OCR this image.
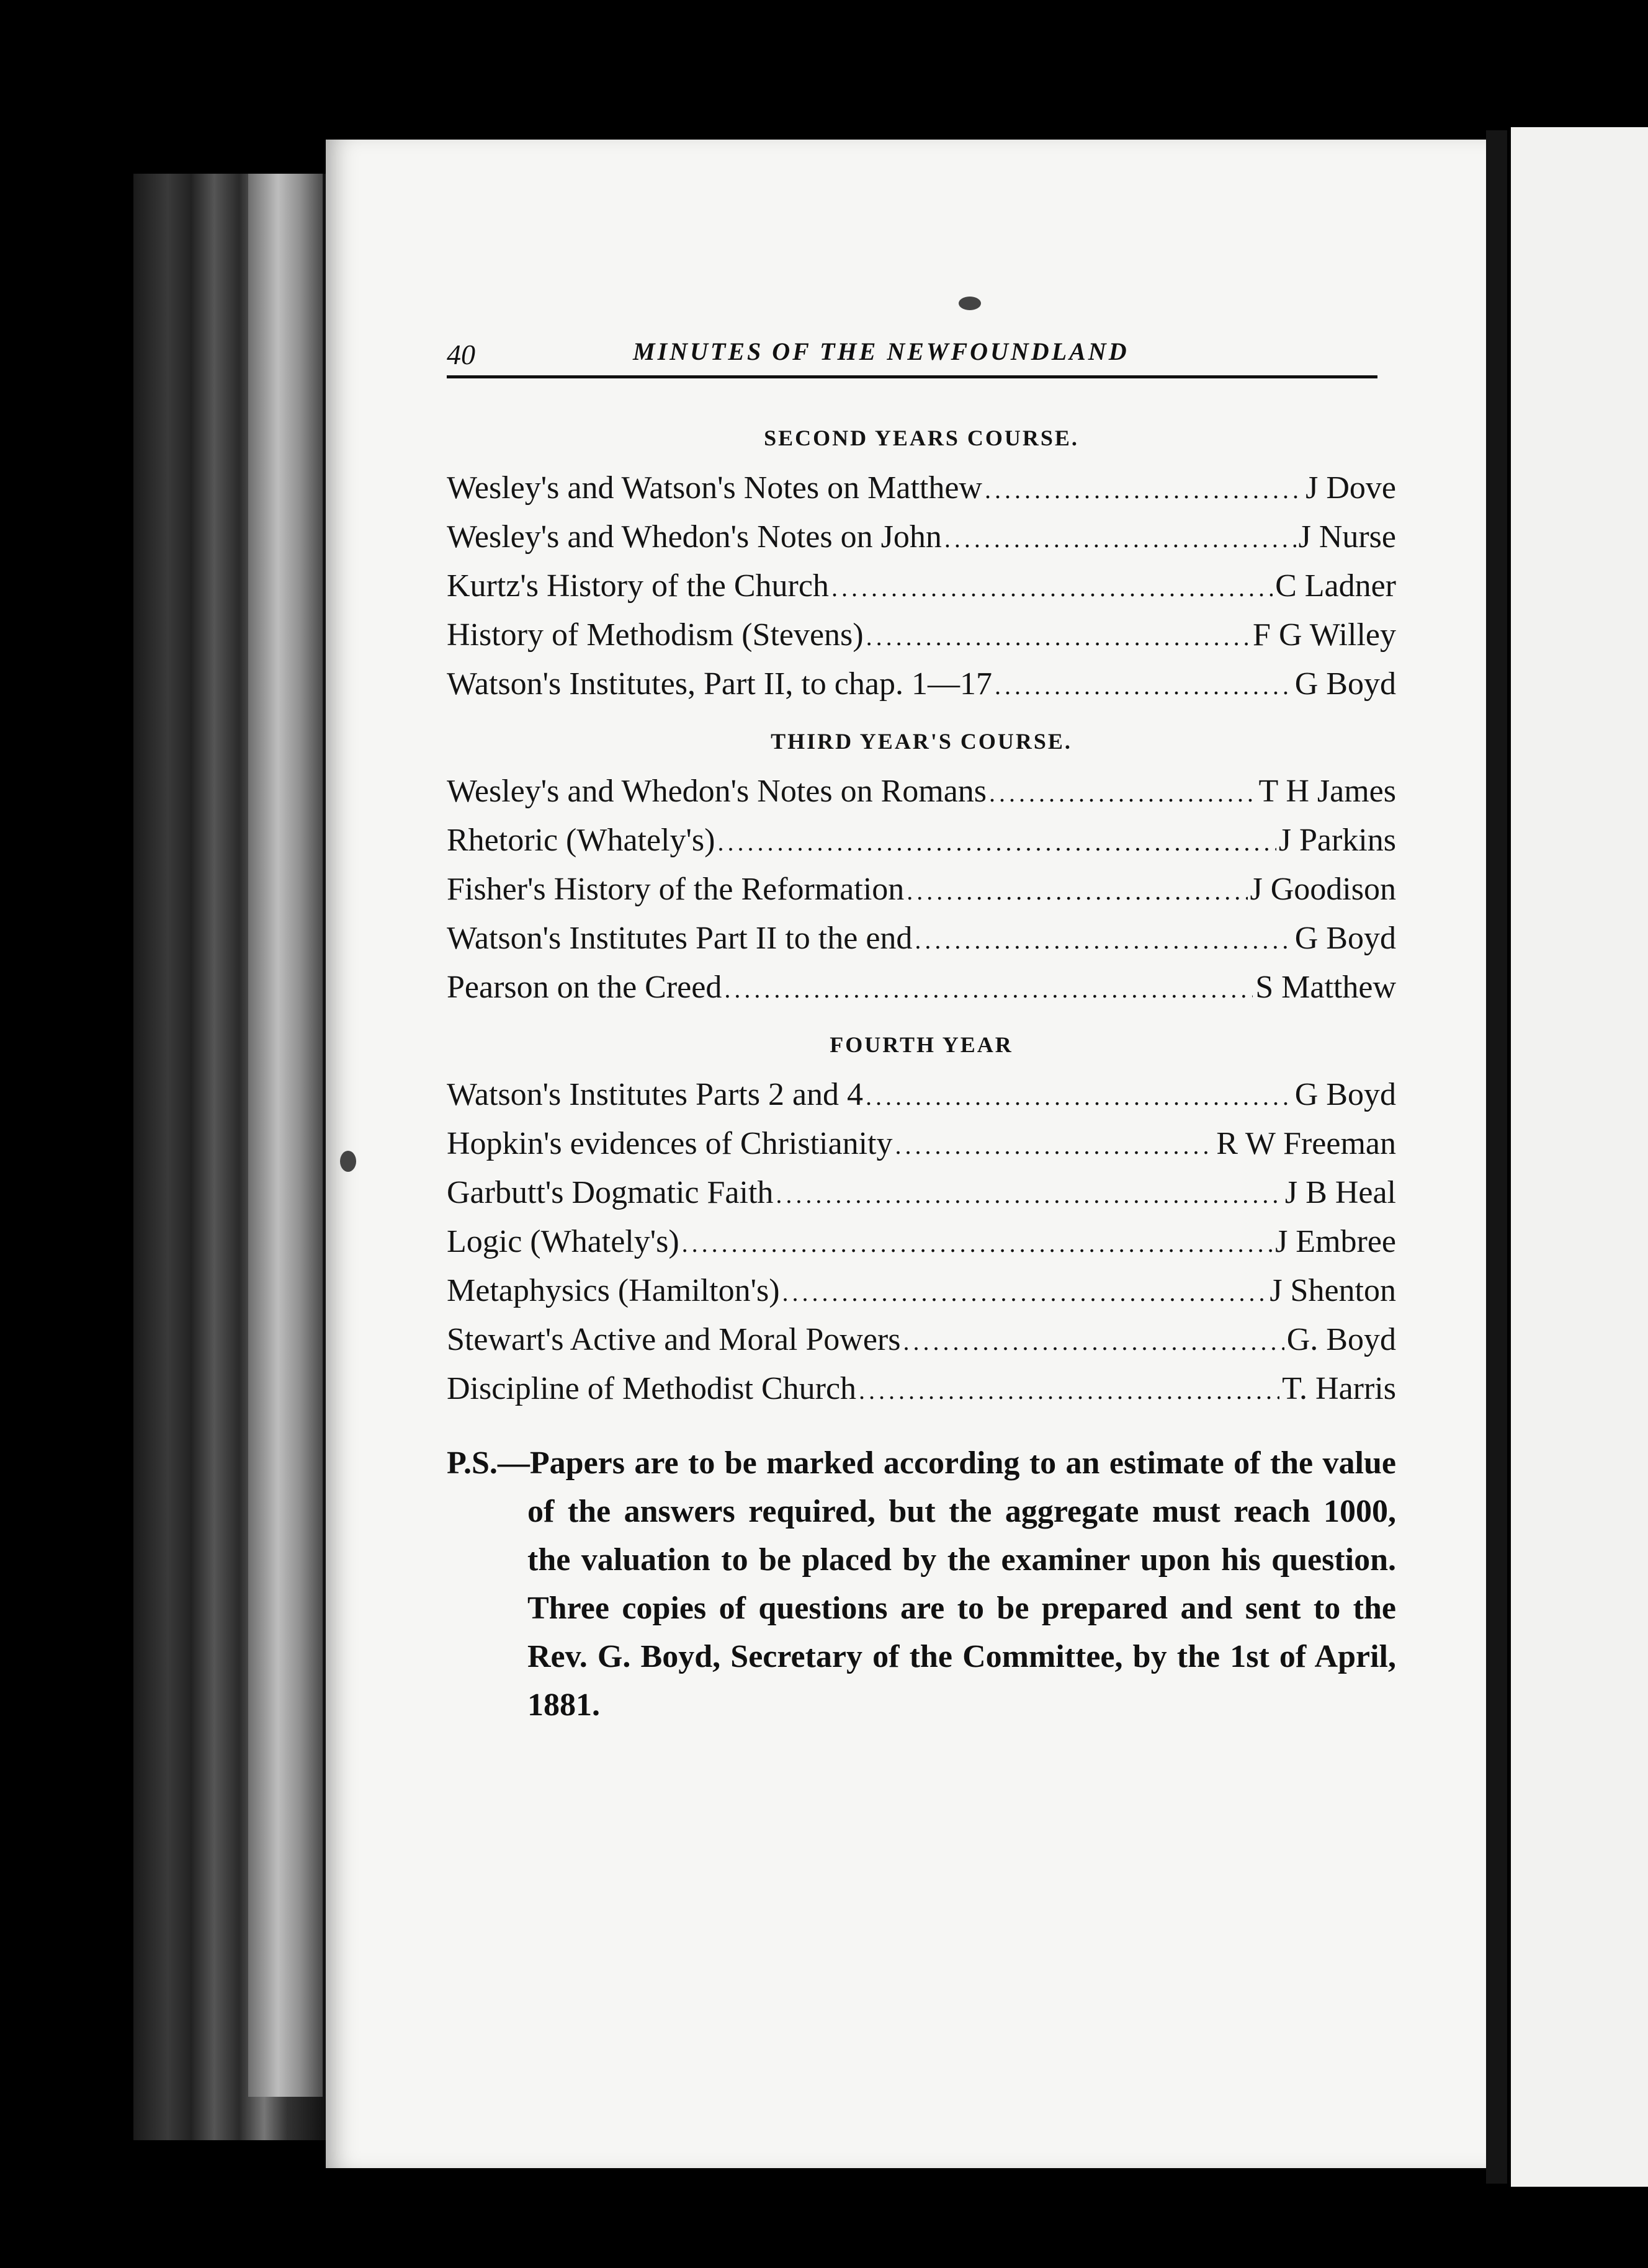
40	MINUTES OF THE NEWFOUNDLAND
SECOND YEARS COURSE.
Wesley's and Watson's Notes on Matthew .....	J Dove
Wesley's and Whedon's Notes on John .....	J Nurse
Kurtz's History of the Church .....	C Ladner
History of Methodism (Stevens) .....	F G Willey
Watson's Institutes, Part II, to chap. 1—17 .....	G Boyd
THIRD YEAR'S COURSE.
Wesley's and Whedon's Notes on Romans .....	T H James
Rhetoric (Whately's) .....	J Parkins
Fisher's History of the Reformation .....	J Goodison
Watson's Institutes Part II to the end .....	G Boyd
Pearson on the Creed .....	S Matthew
FOURTH YEAR
Watson's Institutes Parts 2 and 4 .....	G Boyd
Hopkin's evidences of Christianity .....	R W Freeman
Garbutt's Dogmatic Faith .....	J B Heal
Logic (Whately's) .....	J Embree
Metaphysics (Hamilton's) .....	J Shenton
Stewart's Active and Moral Powers .....	G. Boyd
Discipline of Methodist Church .....	T. Harris

P.S.—Papers are to be marked according to an estimate of the value of the answers required, but the aggregate must reach 1000, the valuation to be placed by the examiner upon his question. Three copies of questions are to be prepared and sent to the Rev. G. Boyd, Secretary of the Committee, by the 1st of April, 1881.
